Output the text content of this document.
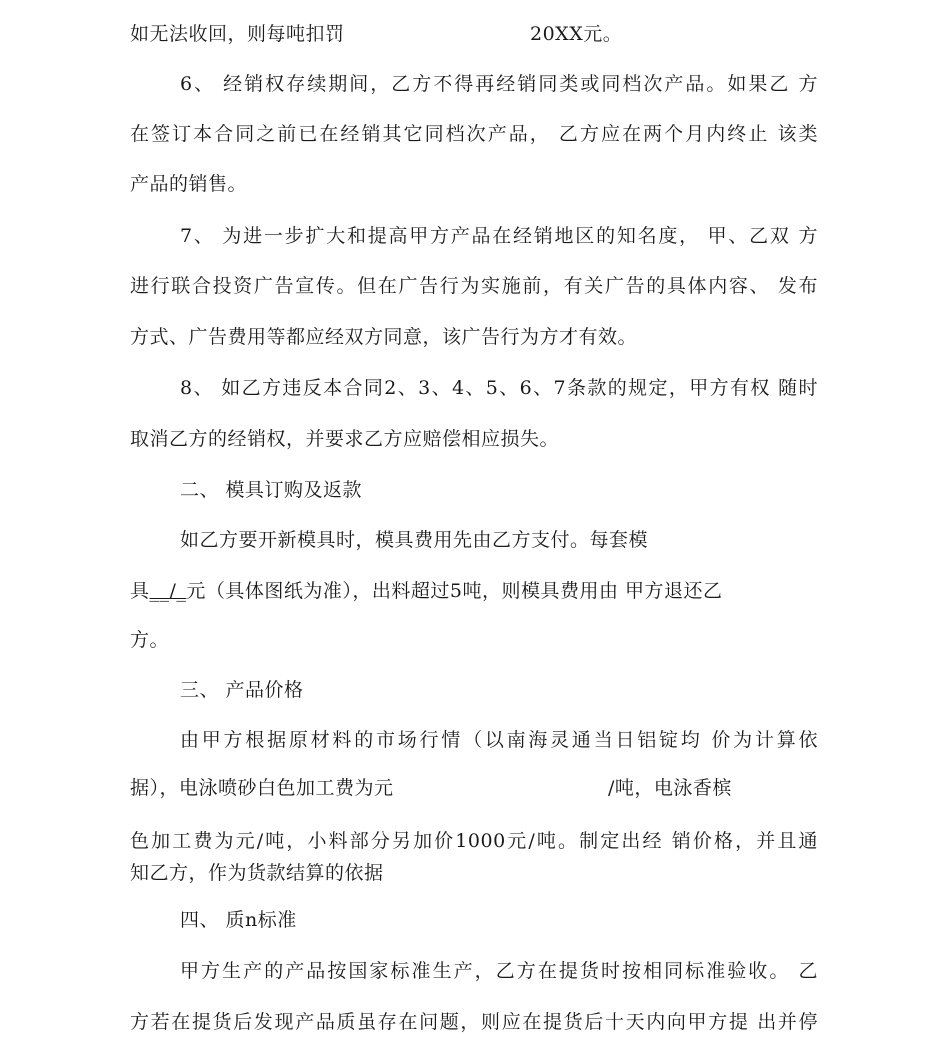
如无法收回，则每吨扣罚	20XX元。
6、 经销权存续期间，乙方不得再经销同类或同档次产品。如果乙 方
在签订本合同之前已在经销其它同档次产品， 乙方应在两个月内终止 该类
产品的销售。
7、 为进一步扩大和提高甲方产品在经销地区的知名度， 甲、乙双 方
进行联合投资广告宣传。但在广告行为实施前，有关广告的具体内容、 发布
方式、广告费用等都应经双方同意，该广告行为方才有效。
8、 如乙方违反本合同2、3、4、5、6、7条款的规定，甲方有权 随时
取消乙方的经销权，并要求乙方应赔偿相应损失。
二、 模具订购及返款
如乙方要开新模具时，模具费用先由乙方支付。每套模
具__/_元（具体图纸为准），出料超过5吨，则模具费用由 甲方退还乙
方。
三、 产品价格
由甲方根据原材料的市场行情（以南海灵通当日铝锭均 价为计算依
据），电泳喷砂白色加工费为元	/吨，电泳香槟
色加工费为元/吨，小料部分另加价1000元/吨。制定出经 销价格，并且通
知乙方，作为货款结算的依据
四、 质n标准
甲方生产的产品按国家标准生产，乙方在提货时按相同标准验收。 乙
方若在提货后发现产品质虽存在问题，则应在提货后十天内向甲方提 出并停
